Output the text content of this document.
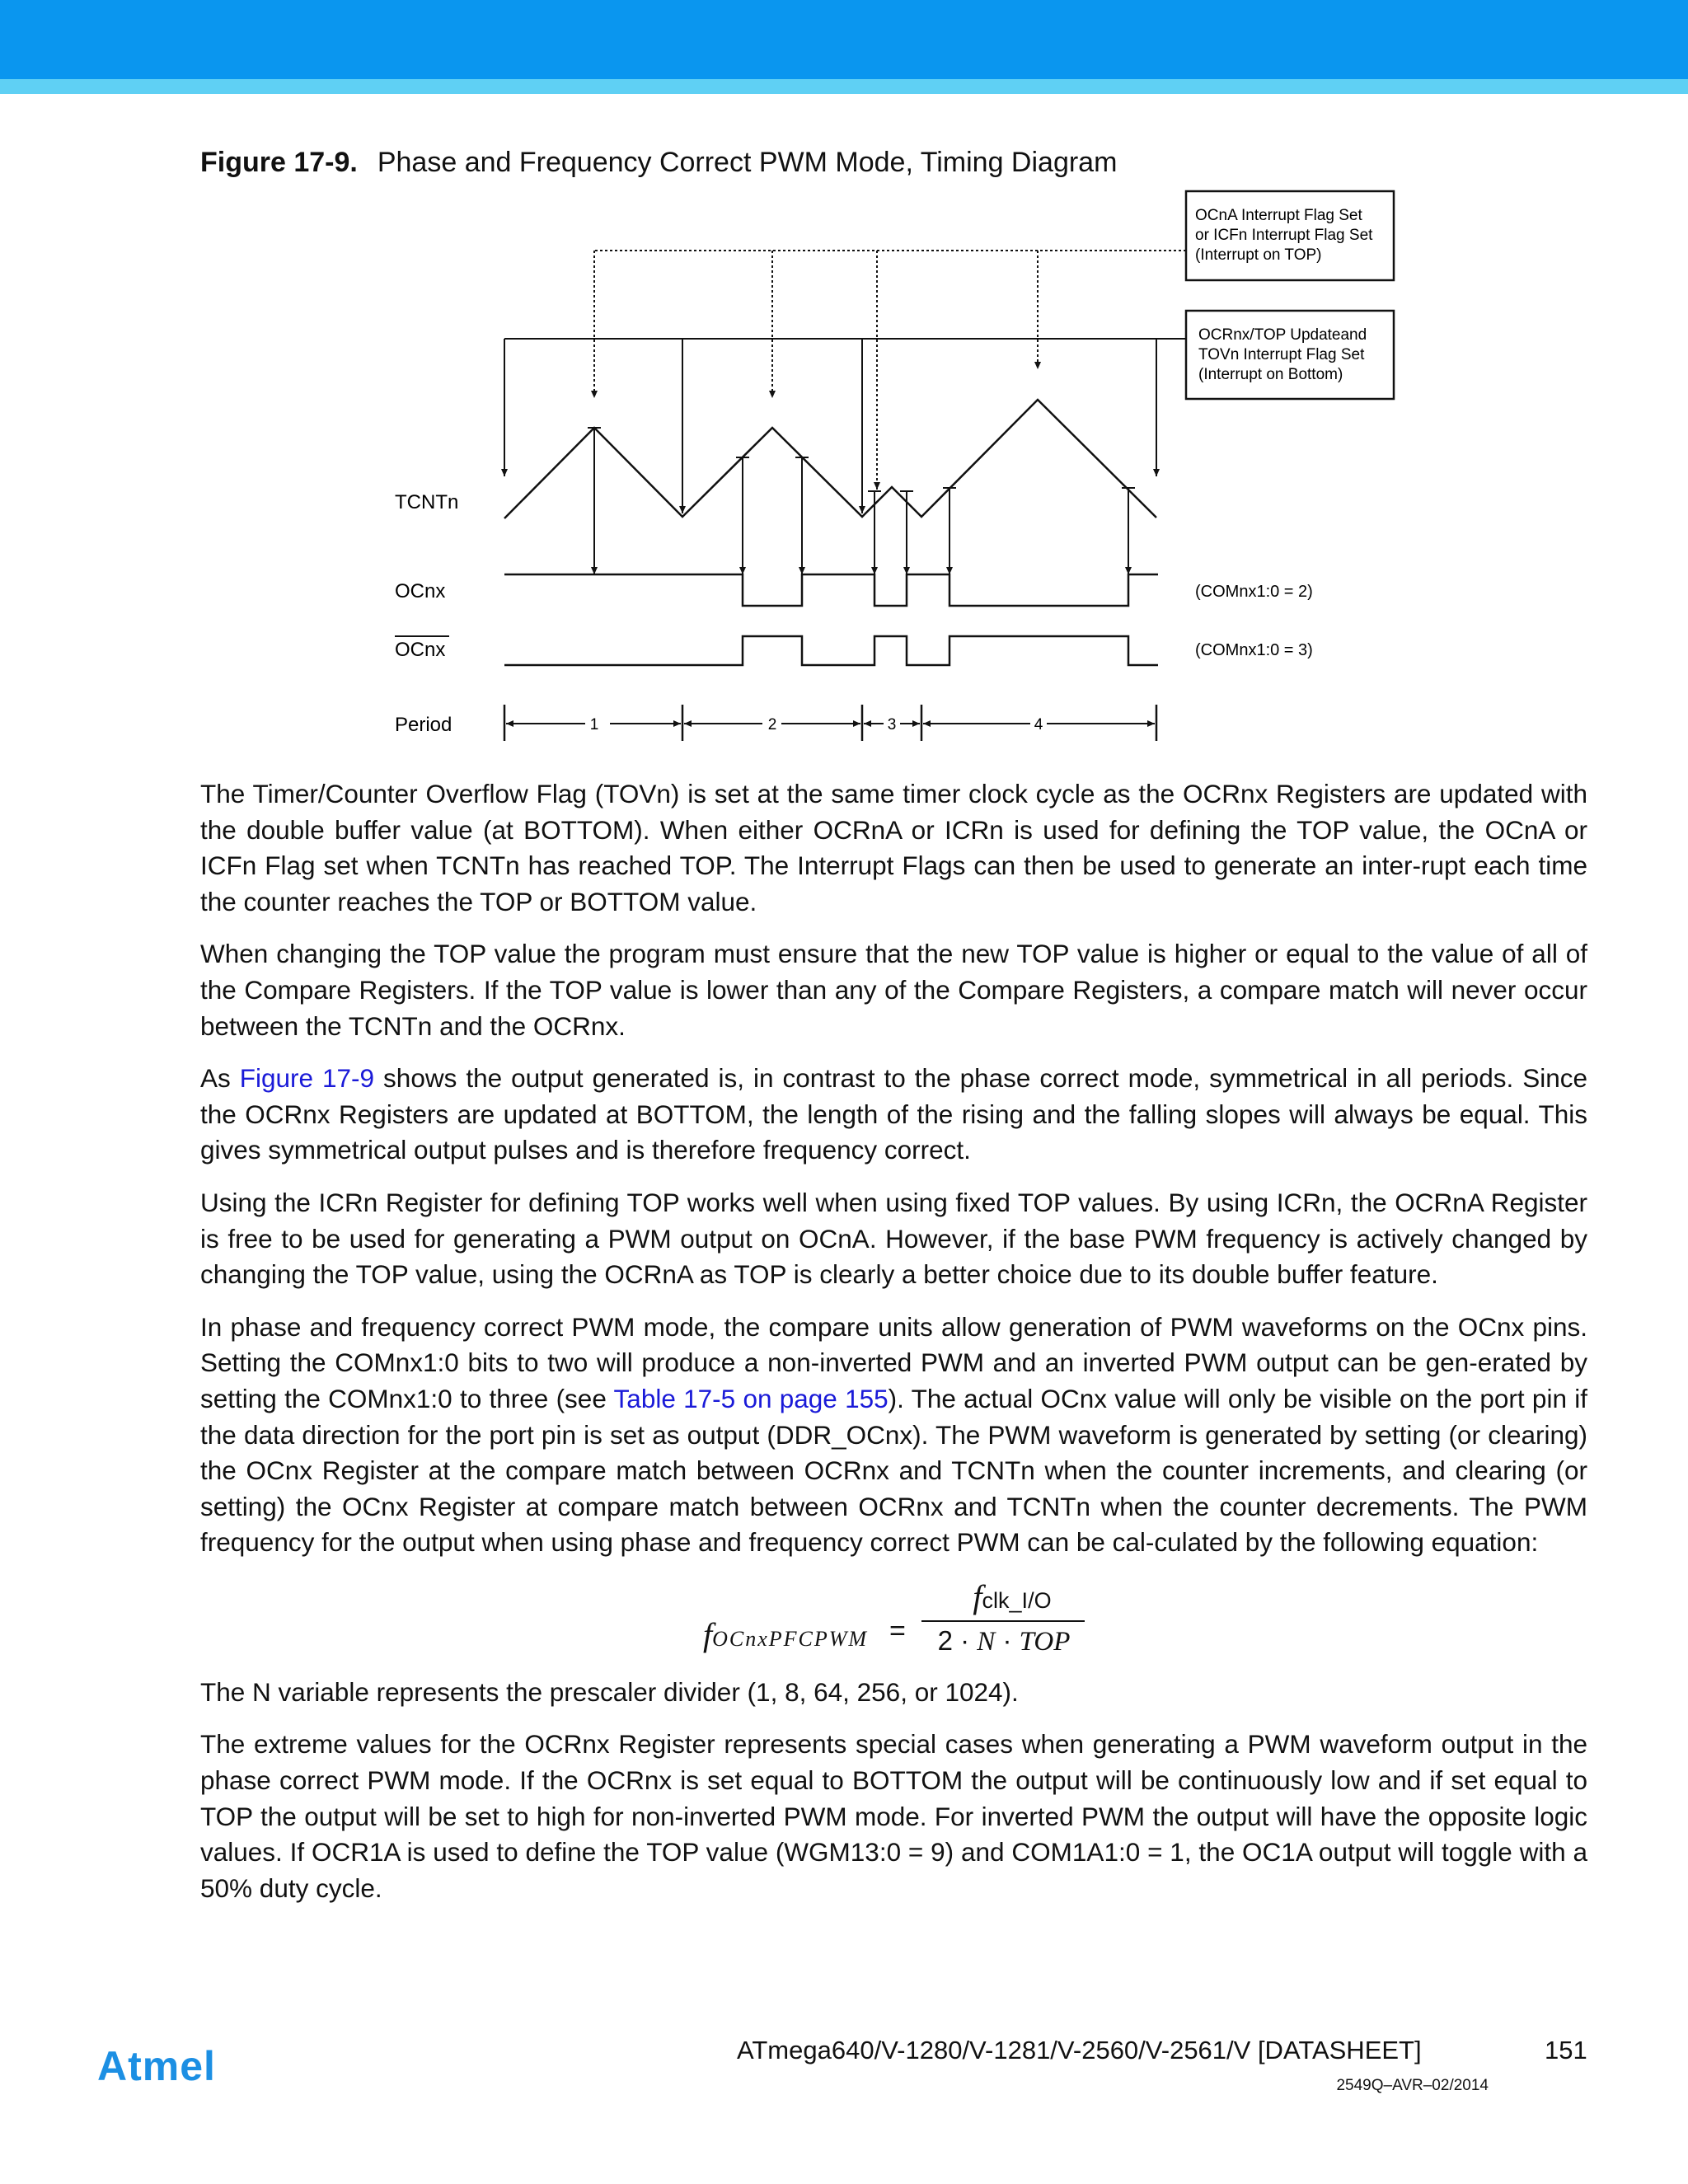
Figure 17-9. Phase and Frequency Correct PWM Mode, Timing Diagram
OCnA Interrupt Flag Set
or ICFn Interrupt Flag Set
(Interrupt on TOP)
OCRnx/TOP Updateand
TOVn Interrupt Flag Set
(Interrupt on Bottom)
TCNTn
OCnx
OCnx
Period
(COMnx1:0 = 2)
(COMnx1:0 = 3)
1	2	3	4

The Timer/Counter Overflow Flag (TOVn) is set at the same timer clock cycle as the OCRnx Registers are updated with the double buffer value (at BOTTOM). When either OCRnA or ICRn is used for defining the TOP value, the OCnA or ICFn Flag set when TCNTn has reached TOP. The Interrupt Flags can then be used to generate an inter-rupt each time the counter reaches the TOP or BOTTOM value.

When changing the TOP value the program must ensure that the new TOP value is higher or equal to the value of all of the Compare Registers. If the TOP value is lower than any of the Compare Registers, a compare match will never occur between the TCNTn and the OCRnx.

As Figure 17-9 shows the output generated is, in contrast to the phase correct mode, symmetrical in all periods. Since the OCRnx Registers are updated at BOTTOM, the length of the rising and the falling slopes will always be equal. This gives symmetrical output pulses and is therefore frequency correct.

Using the ICRn Register for defining TOP works well when using fixed TOP values. By using ICRn, the OCRnA Register is free to be used for generating a PWM output on OCnA. However, if the base PWM frequency is actively changed by changing the TOP value, using the OCRnA as TOP is clearly a better choice due to its double buffer feature.

In phase and frequency correct PWM mode, the compare units allow generation of PWM waveforms on the OCnx pins. Setting the COMnx1:0 bits to two will produce a non-inverted PWM and an inverted PWM output can be gen-erated by setting the COMnx1:0 to three (see Table 17-5 on page 155). The actual OCnx value will only be visible on the port pin if the data direction for the port pin is set as output (DDR_OCnx). The PWM waveform is generated by setting (or clearing) the OCnx Register at the compare match between OCRnx and TCNTn when the counter increments, and clearing (or setting) the OCnx Register at compare match between OCRnx and TCNTn when the counter decrements. The PWM frequency for the output when using phase and frequency correct PWM can be cal-culated by the following equation:

fOCnxPFCPWM =
fclk_I/O
2 · N · TOP

The N variable represents the prescaler divider (1, 8, 64, 256, or 1024).

The extreme values for the OCRnx Register represents special cases when generating a PWM waveform output in the phase correct PWM mode. If the OCRnx is set equal to BOTTOM the output will be continuously low and if set equal to TOP the output will be set to high for non-inverted PWM mode. For inverted PWM the output will have the opposite logic values. If OCR1A is used to define the TOP value (WGM13:0 = 9) and COM1A1:0 = 1, the OC1A output will toggle with a 50% duty cycle.

Atmel	ATmega640/V-1280/V-1281/V-2560/V-2561/V [DATASHEET]	151
2549Q–AVR–02/2014
